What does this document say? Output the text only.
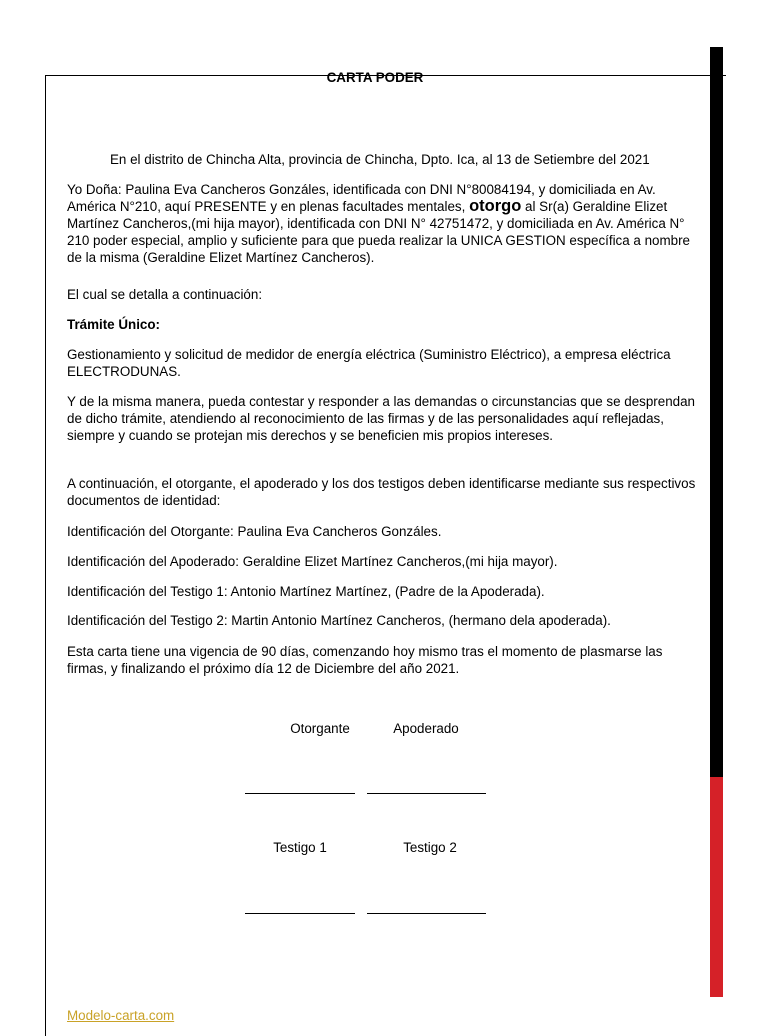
CARTA PODER

En el distrito de Chincha Alta, provincia de Chincha, Dpto. Ica, al 13 de Setiembre del 2021

Yo Doña: Paulina Eva Cancheros Gonzáles, identificada con DNI N°80084194, y domiciliada en Av. América N°210, aquí PRESENTE y en plenas facultades mentales, otorgo al Sr(a) Geraldine Elizet Martínez Cancheros,(mi hija mayor), identificada con DNI N° 42751472, y domiciliada en Av. América N° 210 poder especial, amplio y suficiente para que pueda realizar la UNICA GESTION específica a nombre de la misma (Geraldine Elizet Martínez Cancheros).

El cual se detalla a continuación:

Trámite Único:

Gestionamiento y solicitud de medidor de energía eléctrica (Suministro Eléctrico), a empresa eléctrica ELECTRODUNAS.

Y de la misma manera, pueda contestar y responder a las demandas o circunstancias que se desprendan de dicho trámite, atendiendo al reconocimiento de las firmas y de las personalidades aquí reflejadas, siempre y cuando se protejan mis derechos y se beneficien mis propios intereses.

A continuación, el otorgante, el apoderado y los dos testigos deben identificarse mediante sus respectivos documentos de identidad:

Identificación del Otorgante: Paulina Eva Cancheros Gonzáles.

Identificación del Apoderado: Geraldine Elizet Martínez Cancheros,(mi hija mayor).

Identificación del Testigo 1: Antonio Martínez Martínez, (Padre de la Apoderada).

Identificación del Testigo 2: Martin Antonio Martínez Cancheros, (hermano dela apoderada).

Esta carta tiene una vigencia de 90 días, comenzando hoy mismo tras el momento de plasmarse las firmas, y finalizando el próximo día 12 de Diciembre del año 2021.

Otorgante	Apoderado
Testigo 1	Testigo 2
Modelo-carta.com
